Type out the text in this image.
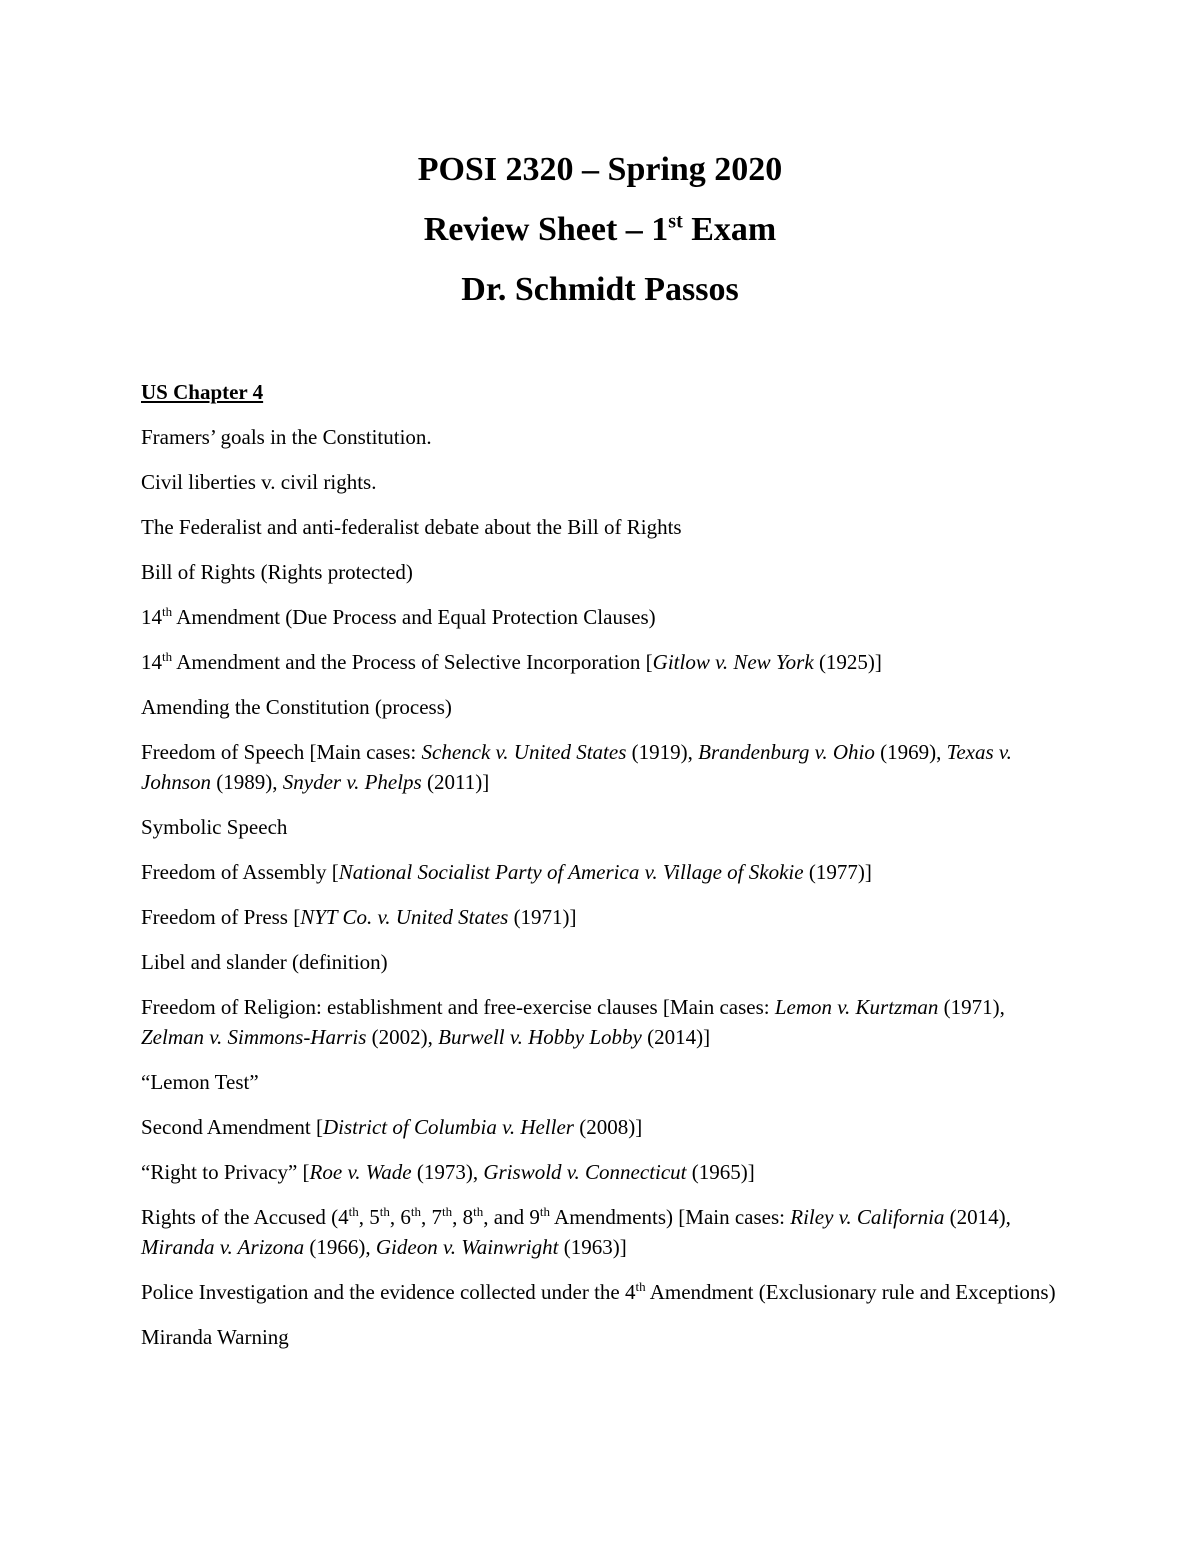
POSI 2320 – Spring 2020

Review Sheet – 1st Exam

Dr. Schmidt Passos

US Chapter 4

Framers’ goals in the Constitution.

Civil liberties v. civil rights.

The Federalist and anti-federalist debate about the Bill of Rights

Bill of Rights (Rights protected)

14th Amendment (Due Process and Equal Protection Clauses)

14th Amendment and the Process of Selective Incorporation [Gitlow v. New York (1925)]

Amending the Constitution (process)

Freedom of Speech [Main cases: Schenck v. United States (1919), Brandenburg v. Ohio (1969), Texas v. Johnson (1989), Snyder v. Phelps (2011)]

Symbolic Speech

Freedom of Assembly [National Socialist Party of America v. Village of Skokie (1977)]

Freedom of Press [NYT Co. v. United States (1971)]

Libel and slander (definition)

Freedom of Religion: establishment and free-exercise clauses [Main cases: Lemon v. Kurtzman (1971), Zelman v. Simmons-Harris (2002), Burwell v. Hobby Lobby (2014)]

“Lemon Test”

Second Amendment [District of Columbia v. Heller (2008)]

“Right to Privacy” [Roe v. Wade (1973), Griswold v. Connecticut (1965)]

Rights of the Accused (4th, 5th, 6th, 7th, 8th, and 9th Amendments) [Main cases: Riley v. California (2014), Miranda v. Arizona (1966), Gideon v. Wainwright (1963)]

Police Investigation and the evidence collected under the 4th Amendment (Exclusionary rule and Exceptions)

Miranda Warning
